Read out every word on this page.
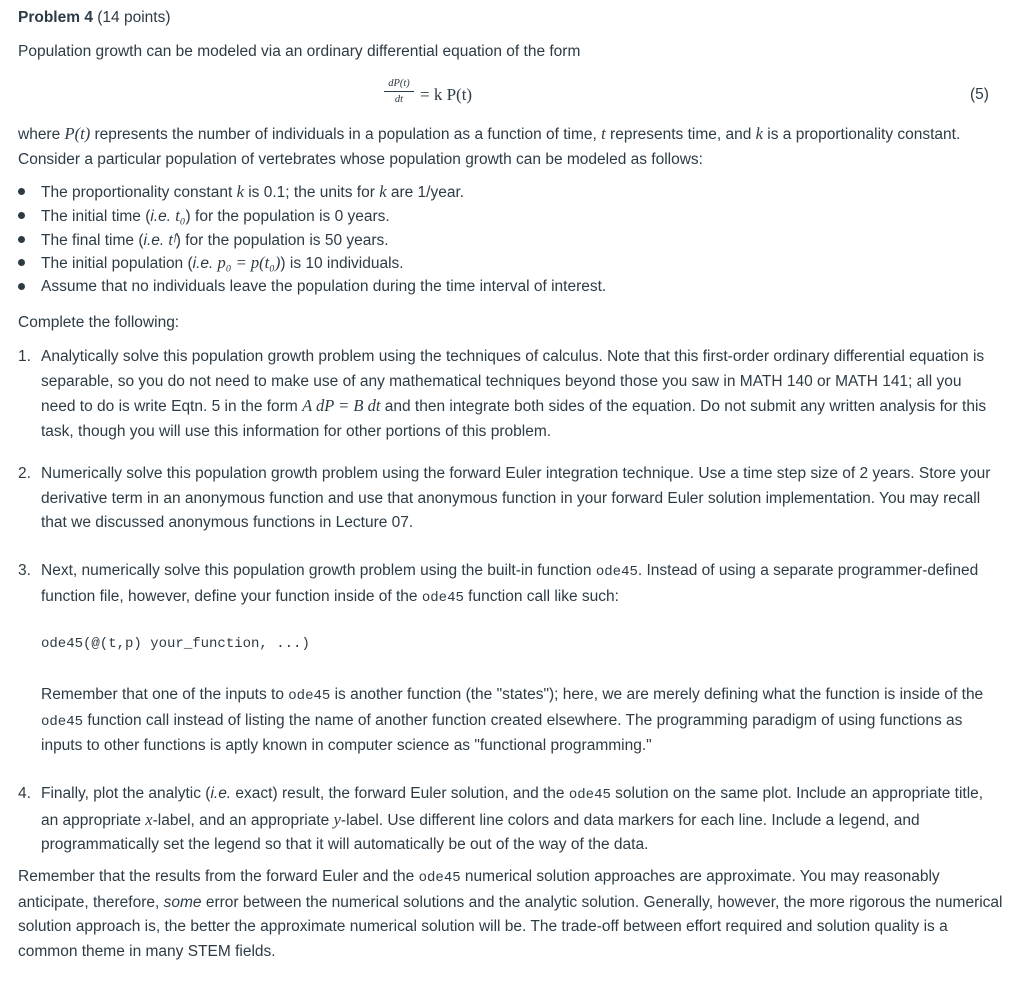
Problem 4 (14 points)

Population growth can be modeled via an ordinary differential equation of the form

dP(t)
dt = k P(t)	(5)

where P(t) represents the number of individuals in a population as a function of time, t represents time, and k is a proportionality constant. Consider a particular population of vertebrates whose population growth can be modeled as follows:

The proportionality constant k is 0.1; the units for k are 1/year.
The initial time (i.e. t₀) for the population is 0 years.
The final time (i.e. tᶠ) for the population is 50 years.
The initial population (i.e. p₀ = p(t₀)) is 10 individuals.
Assume that no individuals leave the population during the time interval of interest.

Complete the following:

1. Analytically solve this population growth problem using the techniques of calculus. Note that this first-order ordinary differential equation is separable, so you do not need to make use of any mathematical techniques beyond those you saw in MATH 140 or MATH 141; all you need to do is write Eqtn. 5 in the form A dP = B dt and then integrate both sides of the equation. Do not submit any written analysis for this task, though you will use this information for other portions of this problem.
2. Numerically solve this population growth problem using the forward Euler integration technique. Use a time step size of 2 years. Store your derivative term in an anonymous function and use that anonymous function in your forward Euler solution implementation. You may recall that we discussed anonymous functions in Lecture 07.
3. Next, numerically solve this population growth problem using the built-in function ode45. Instead of using a separate programmer-defined function file, however, define your function inside of the ode45 function call like such:

ode45(@(t,p) your_function, ...)

Remember that one of the inputs to ode45 is another function (the "states"); here, we are merely defining what the function is inside of the ode45 function call instead of listing the name of another function created elsewhere. The programming paradigm of using functions as inputs to other functions is aptly known in computer science as "functional programming."
4. Finally, plot the analytic (i.e. exact) result, the forward Euler solution, and the ode45 solution on the same plot. Include an appropriate title, an appropriate x-label, and an appropriate y-label. Use different line colors and data markers for each line. Include a legend, and programmatically set the legend so that it will automatically be out of the way of the data.

Remember that the results from the forward Euler and the ode45 numerical solution approaches are approximate. You may reasonably anticipate, therefore, some error between the numerical solutions and the analytic solution. Generally, however, the more rigorous the numerical solution approach is, the better the approximate numerical solution will be. The trade-off between effort required and solution quality is a common theme in many STEM fields.
